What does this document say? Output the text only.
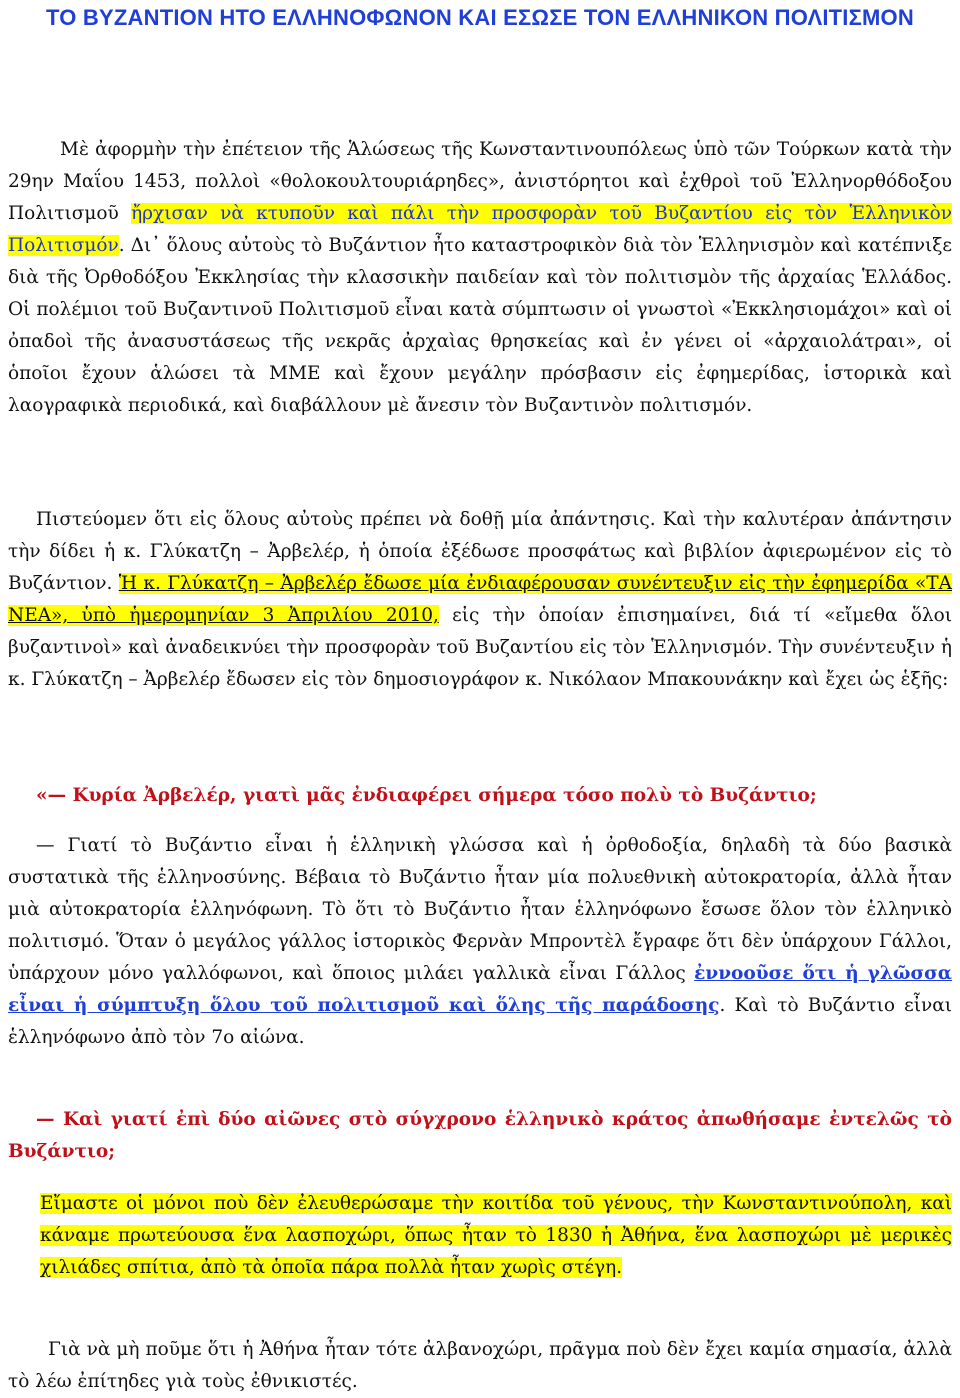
ΤΟ ΒΥΖΑΝΤΙΟΝ ΗΤΟ ΕΛΛΗΝΟΦΩΝΟΝ ΚΑΙ ΕΣΩΣΕ ΤΟΝ ΕΛΛΗΝΙΚΟΝ ΠΟΛΙΤΙΣΜΟΝ

Μὲ ἀφορμὴν τὴν ἐπέτειον τῆς Ἁλώσεως τῆς Κωνσταντινουπόλεως ὑπὸ τῶν Τούρκων κατὰ τὴν 29ην Μαΐου 1453, πολλοὶ «θολοκουλτουριάρηδες», ἀνιστόρητοι καὶ ἐχθροὶ τοῦ Ἑλληνορθόδοξου Πολιτισμοῦ ἤρχισαν νὰ κτυποῦν καὶ πάλι τὴν προσφορὰν τοῦ Βυζαντίου εἰς τὸν Ἑλληνικὸν Πολιτισμόν. Δι᾽ ὅλους αὐτοὺς τὸ Βυζάντιον ἦτο καταστροφικὸν διὰ τὸν Ἑλληνισμὸν καὶ κατέπνιξε διὰ τῆς Ὀρθοδόξου Ἐκκλησίας τὴν κλασσικὴν παιδείαν καὶ τὸν πολιτισμὸν τῆς ἀρχαίας Ἑλλάδος. Οἱ πολέμιοι τοῦ Βυζαντινοῦ Πολιτισμοῦ εἶναι κατὰ σύμπτωσιν οἱ γνωστοὶ «Ἐκκλησιομάχοι» καὶ οἱ ὀπαδοὶ τῆς ἀνασυστάσεως τῆς νεκρᾶς ἀρχαὶας θρησκείας καὶ ἐν γένει οἱ «ἀρχαιολάτραι», οἱ ὁποῖοι ἔχουν ἁλώσει τὰ ΜΜΕ καὶ ἔχουν μεγάλην πρόσβασιν εἰς ἐφημερίδας, ἱστορικὰ καὶ λαογραφικὰ περιοδικά, καὶ διαβάλλουν μὲ ἄνεσιν τὸν Βυζαντινὸν πολιτισμόν.

Πιστεύομεν ὅτι εἰς ὅλους αὐτοὺς πρέπει νὰ δοθῇ μία ἀπάντησις. Καὶ τὴν καλυτέραν ἀπάντησιν τὴν δίδει ἡ κ. Γλύκατζη – Ἀρβελέρ, ἡ ὁποία ἐξέδωσε προσφάτως καὶ βιβλίον ἀφιερωμένον εἰς τὸ Βυζάντιον. Ἡ κ. Γλύκατζη – Ἀρβελέρ ἔδωσε μία ἐνδιαφέρουσαν συνέντευξιν εἰς τὴν ἐφημερίδα «ΤΑ ΝΕΑ», ὑπὸ ἡμερομηνίαν 3 Ἀπριλίου 2010, εἰς τὴν ὁποίαν ἐπισημαίνει, διά τί «εἴμεθα ὅλοι βυζαντινοὶ» καὶ ἀναδεικνύει τὴν προσφορὰν τοῦ Βυζαντίου εἰς τὸν Ἑλληνισμόν. Τὴν συνέντευξιν ἡ κ. Γλύκατζη – Ἀρβελέρ ἔδωσεν εἰς τὸν δημοσιογράφον κ. Νικόλαον Μπακουνάκην καὶ ἔχει ὡς ἑξῆς:

«— Κυρία Ἀρβελέρ, γιατὶ μᾶς ἐνδιαφέρει σήμερα τόσο πολὺ τὸ Βυζάντιο;

— Γιατί τὸ Βυζάντιο εἶναι ἡ ἑλληνικὴ γλώσσα καὶ ἡ ὀρθοδοξία, δηλαδὴ τὰ δύο βασικὰ συστατικὰ τῆς ἑλληνοσύνης. Βέβαια τὸ Βυζάντιο ἦταν μία πολυεθνικὴ αὐτοκρατορία, ἀλλὰ ἦταν μιὰ αὐτοκρατορία ἑλληνόφωνη. Τὸ ὅτι τὸ Βυζάντιο ἦταν ἑλληνόφωνο ἔσωσε ὅλον τὸν ἑλληνικὸ πολιτισμό. Ὅταν ὁ μεγάλος γάλλος ἱστορικὸς Φερνὰν Μπροντὲλ ἔγραφε ὅτι δὲν ὑπάρχουν Γάλλοι, ὑπάρχουν μόνο γαλλόφωνοι, καὶ ὅποιος μιλάει γαλλικὰ εἶναι Γάλλος ἐννοοῦσε ὅτι ἡ γλῶσσα εἶναι ἡ σύμπτυξη ὅλου τοῦ πολιτισμοῦ καὶ ὅλης τῆς παράδοσης. Καὶ τὸ Βυζάντιο εἶναι ἑλληνόφωνο ἀπὸ τὸν 7ο αἰώνα.

— Καὶ γιατί ἐπὶ δύο αἰῶνες στὸ σύγχρονο ἑλληνικὸ κράτος ἀπωθήσαμε ἐντελῶς τὸ Βυζάντιο;

Εἴμαστε οἱ μόνοι ποὺ δὲν ἐλευθερώσαμε τὴν κοιτίδα τοῦ γένους, τὴν Κωνσταντινούπολη, καὶ κάναμε πρωτεύουσα ἕνα λασποχώρι, ὅπως ἦταν τὸ 1830 ἡ Ἀθήνα, ἕνα λασποχώρι μὲ μερικὲς χιλιάδες σπίτια, ἀπὸ τὰ ὁποῖα πάρα πολλὰ ἦταν χωρὶς στέγη.

Γιὰ νὰ μὴ ποῦμε ὅτι ἡ Ἀθήνα ἦταν τότε ἀλβανοχώρι, πρᾶγμα ποὺ δὲν ἔχει καμία σημασία, ἀλλὰ τὸ λέω ἐπίτηδες γιὰ τοὺς ἐθνικιστές.
